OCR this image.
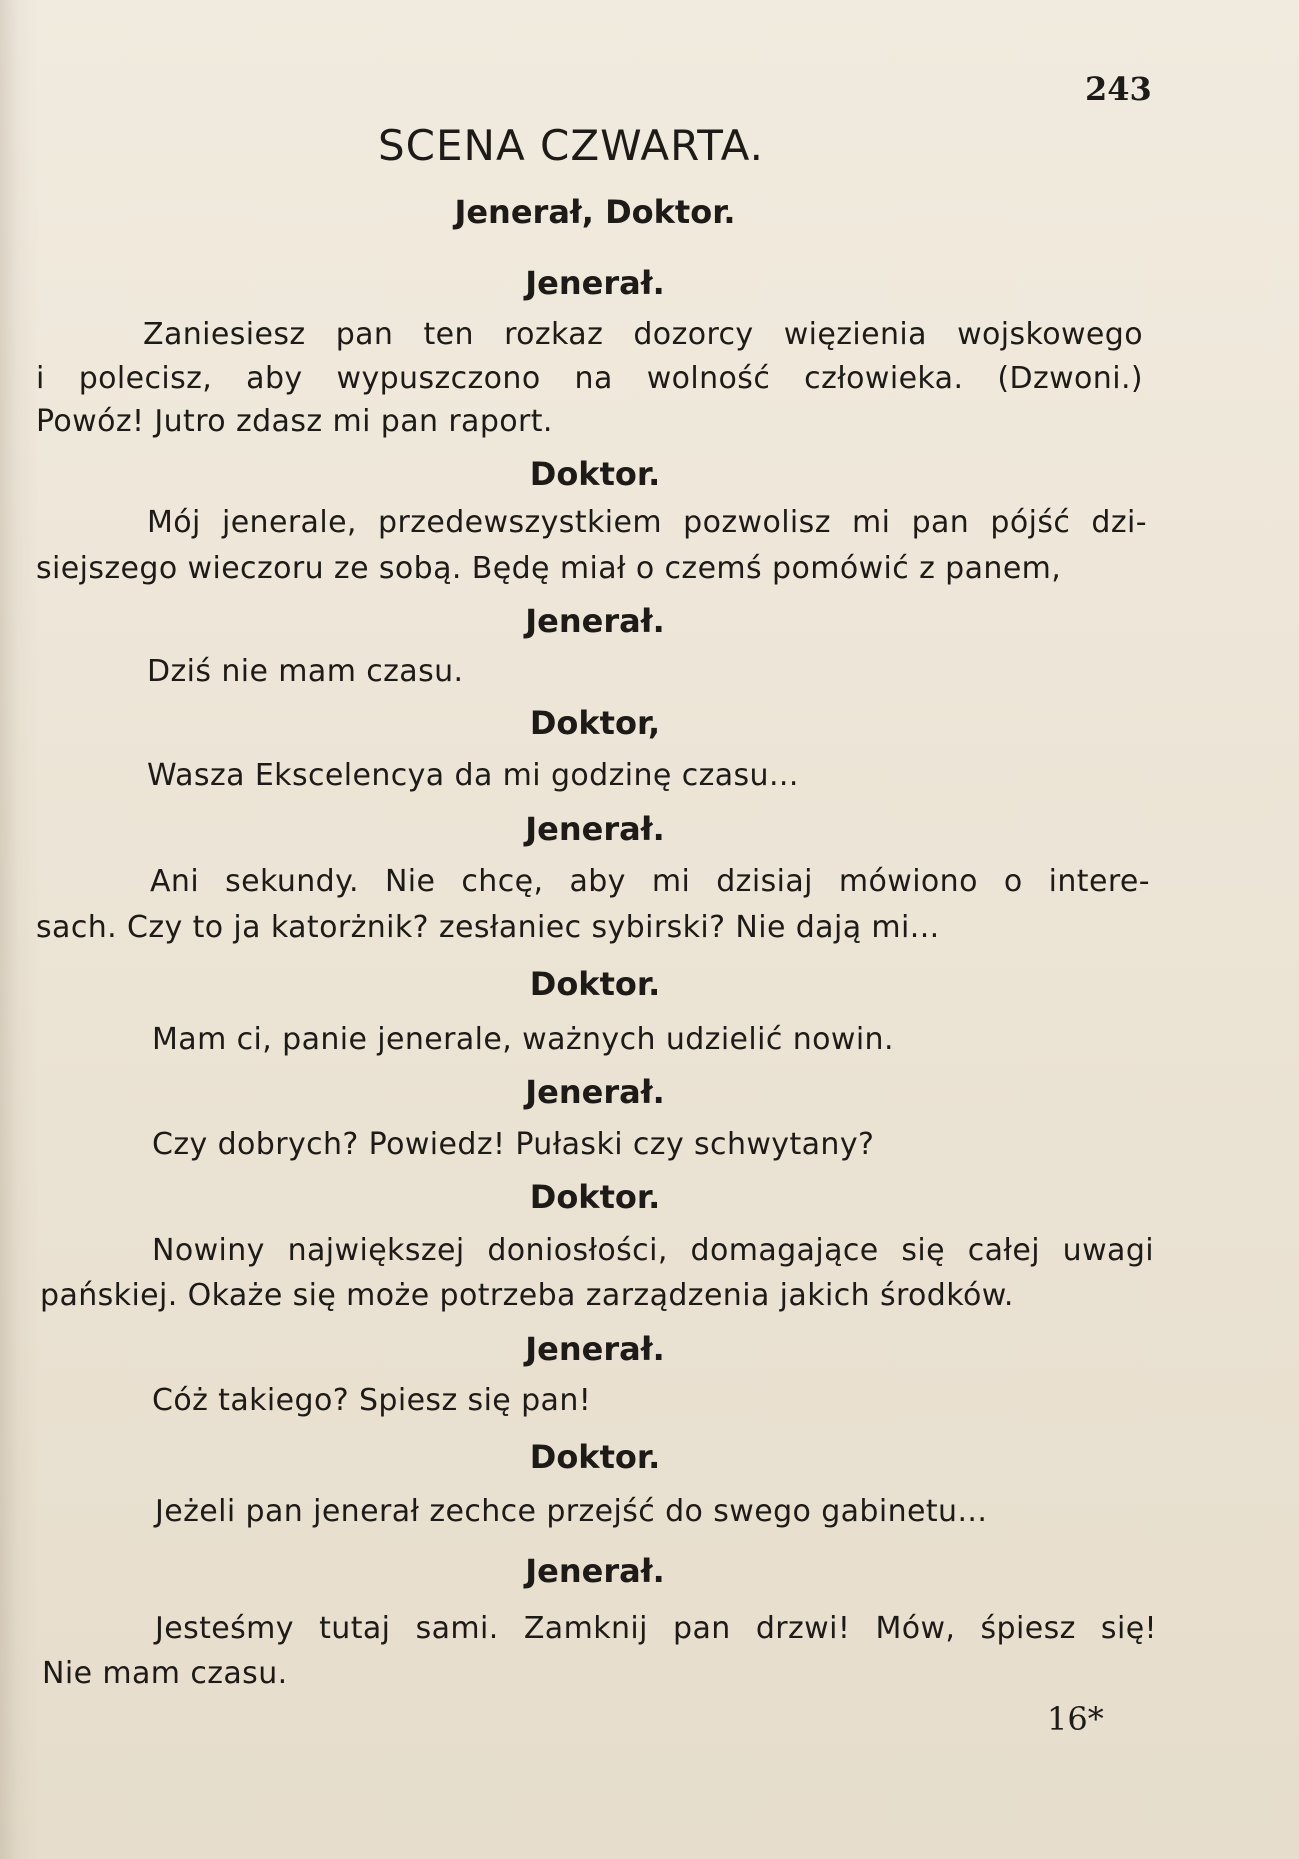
243
SCENA CZWARTA.
Jenerał, Doktor.
Jenerał.
Zaniesiesz pan ten rozkaz dozorcy więzienia wojskowego
i polecisz, aby wypuszczono na wolność człowieka. (Dzwoni.)
Powóz! Jutro zdasz mi pan raport.
Doktor.
Mój jenerale, przedewszystkiem pozwolisz mi pan pójść dzi-
siejszego wieczoru ze sobą. Będę miał o czemś pomówić z panem,
Jenerał.
Dziś nie mam czasu.
Doktor,
Wasza Ekscelencya da mi godzinę czasu...
Jenerał.
Ani sekundy. Nie chcę, aby mi dzisiaj mówiono o intere-
sach. Czy to ja katorżnik? zesłaniec sybirski? Nie dają mi...
Doktor.
Mam ci, panie jenerale, ważnych udzielić nowin.
Jenerał.
Czy dobrych? Powiedz! Pułaski czy schwytany?
Doktor.
Nowiny największej doniosłości, domagające się całej uwagi
pańskiej. Okaże się może potrzeba zarządzenia jakich środków.
Jenerał.
Cóż takiego? Spiesz się pan!
Doktor.
Jeżeli pan jenerał zechce przejść do swego gabinetu...
Jenerał.
Jesteśmy tutaj sami. Zamknij pan drzwi! Mów, śpiesz się!
Nie mam czasu.
16*
